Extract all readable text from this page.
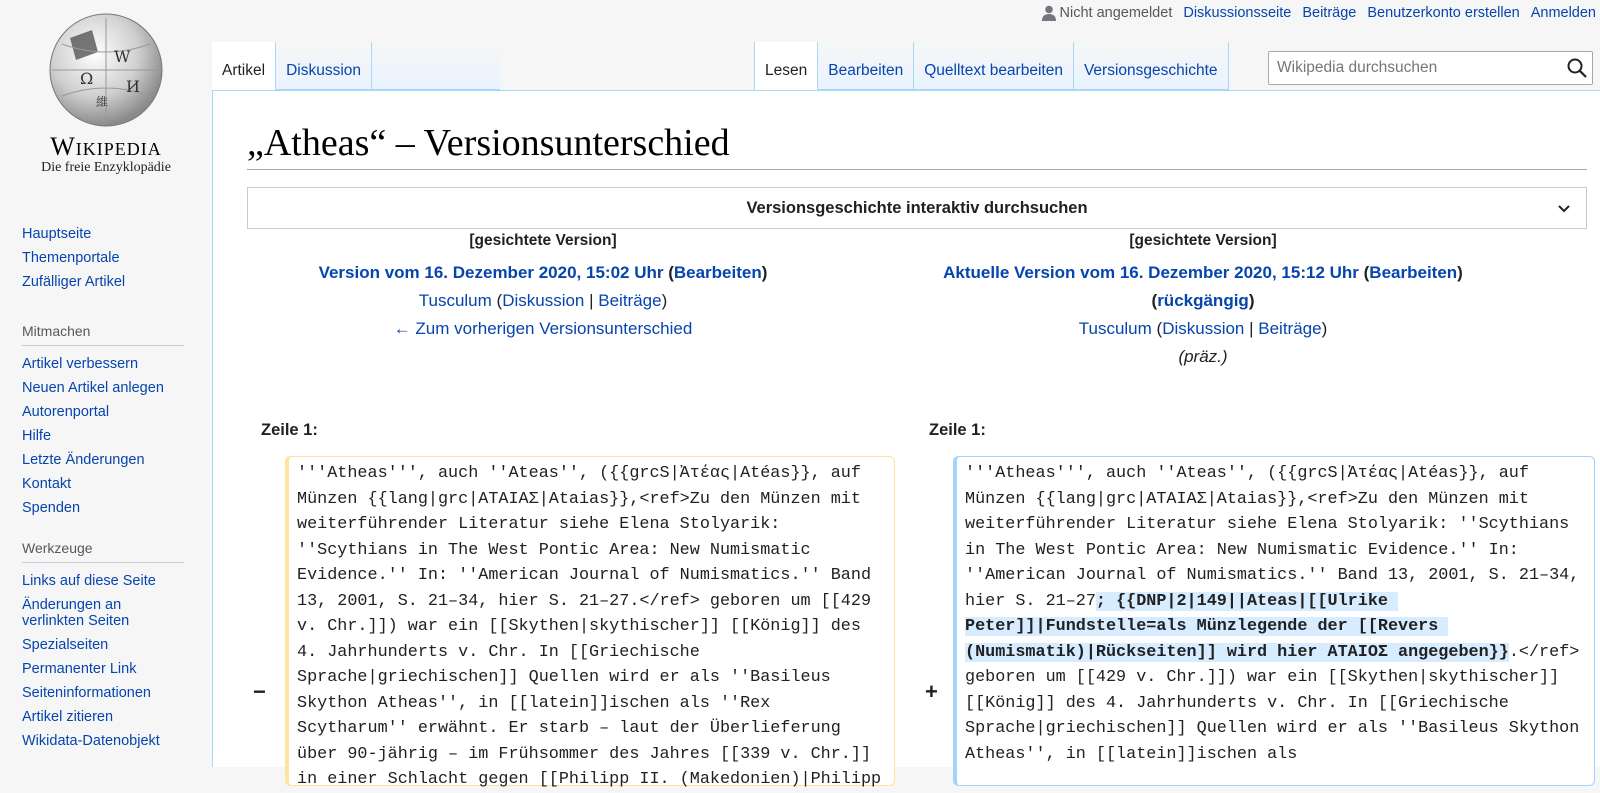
Ω
W
И
維
Wikipedia
Die freie Enzyklopädie
Hauptseite
Themenportale
Zufälliger Artikel
Mitmachen
Artikel verbessern
Neuen Artikel anlegen
Autorenportal
Hilfe
Letzte Änderungen
Kontakt
Spenden
Werkzeuge
Links auf diese Seite
Änderungen an verlinkten Seiten
Spezialseiten
Permanenter Link
Seiteninformationen
Artikel zitieren
Wikidata-Datenobjekt
Nicht angemeldet Diskussionsseite Beiträge Benutzerkonto erstellen Anmelden
Artikel	Diskussion	Lesen	Bearbeiten	Quelltext bearbeiten	Versionsgeschichte
Wikipedia durchsuchen
„Atheas“ – Versionsunterschied
Versionsgeschichte interaktiv durchsuchen
[gesichtete Version]
Version vom 16. Dezember 2020, 15:02 Uhr (Bearbeiten)
Tusculum (Diskussion | Beiträge)
← Zum vorherigen Versionsunterschied
[gesichtete Version]
Aktuelle Version vom 16. Dezember 2020, 15:12 Uhr (Bearbeiten)
(rückgängig)
Tusculum (Diskussion | Beiträge)
(präz.)
Zeile 1:	Zeile 1:
−	+
'''Atheas''', auch ''Ateas'', ({{grcS|Ἀτέας|Atéas}}, auf Münzen {{lang|grc|ΑΤΑΙΑΣ|Ataias}},<ref>Zu den Münzen mit weiterführender Literatur siehe Elena Stolyarik: ''Scythians in The West Pontic Area: New Numismatic Evidence.'' In: ''American Journal of Numismatics.'' Band 13, 2001, S. 21–34, hier S. 21–27.</ref> geboren um [[429 v. Chr.]]) war ein [[Skythen|skythischer]] [[König]] des 4. Jahrhunderts v. Chr. In [[Griechische Sprache|griechischen]] Quellen wird er als ''Basileus Skython Atheas'', in [[latein]]ischen als ''Rex Scytharum'' erwähnt. Er starb – laut der Überlieferung über 90-jährig – im Frühsommer des Jahres [[339 v. Chr.]] in einer Schlacht gegen [[Philipp II. (Makedonien)|Philipp
'''Atheas''', auch ''Ateas'', ({{grcS|Ἀτέας|Atéas}}, auf Münzen {{lang|grc|ΑΤΑΙΑΣ|Ataias}},<ref>Zu den Münzen mit weiterführender Literatur siehe Elena Stolyarik: ''Scythians in The West Pontic Area: New Numismatic Evidence.'' In: ''American Journal of Numismatics.'' Band 13, 2001, S. 21–34, hier S. 21–27; {{DNP|2|149||Ateas|[[Ulrike Peter]]|Fundstelle=als Münzlegende der [[Revers (Numismatik)|Rückseiten]] wird hier ΑΤΑΙΟΣ angegeben}}.</ref> geboren um [[429 v. Chr.]]) war ein [[Skythen|skythischer]] [[König]] des 4. Jahrhunderts v. Chr. In [[Griechische Sprache|griechischen]] Quellen wird er als ''Basileus Skython Atheas'', in [[latein]]ischen als
